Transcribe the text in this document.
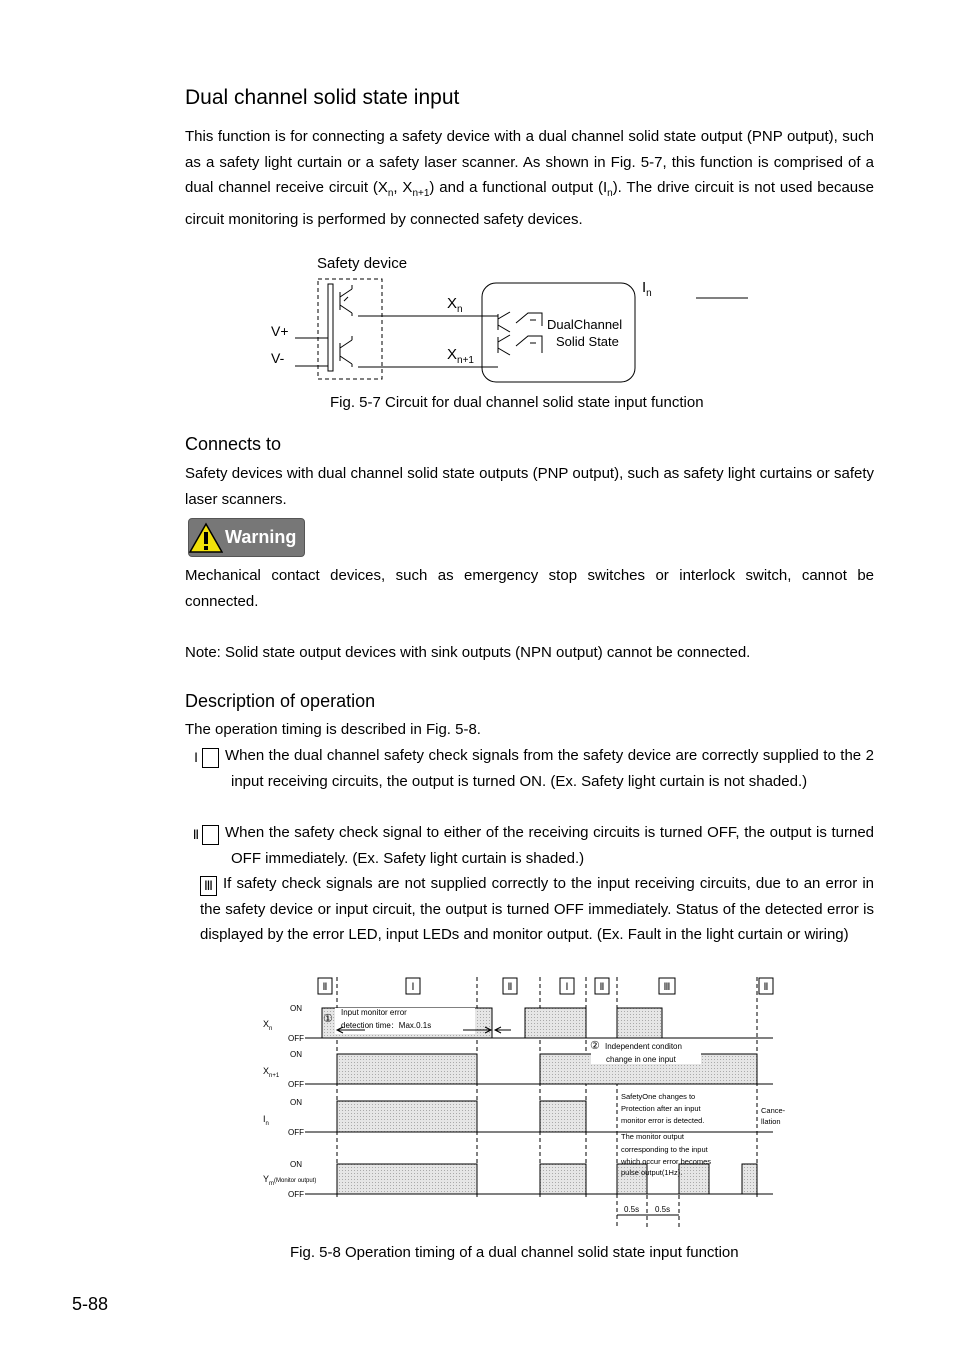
Dual channel solid state input

This function is for connecting a safety device with a dual channel solid state output (PNP output), such as a safety light curtain or a safety laser scanner. As shown in Fig. 5-7, this function is comprised of a dual channel receive circuit ($X_n$, $X_{n+1}$) and a functional output $(I_n)$. The drive circuit is not used because circuit monitoring is performed by connected safety devices.

Safety device
V+
V-
$X_n$
$X_{n+1}$
DualChannel
Solid State
$I_n$
Fig. 5-7 Circuit for dual channel solid state input function
Connects to

Safety devices with dual channel solid state outputs (PNP output), such as safety light curtains or safety laser scanners.

Warning

Mechanical contact devices, such as emergency stop switches or interlock switch, cannot be connected.

Note: Solid state output devices with sink outputs (NPN output) cannot be connected.

Description of operation

The operation timing is described in Fig. 5-8.

Ⅰ When the dual channel safety check signals from the safety device are correctly supplied to the 2 input receiving circuits, the output is turned ON. (Ex. Safety light curtain is not shaded.)

Ⅱ When the safety check signal to either of the receiving circuits is turned OFF, the output is turned OFF immediately. (Ex. Safety light curtain is shaded.)

Ⅲ If safety check signals are not supplied correctly to the input receiving circuits, due to an error in the safety device or input circuit, the output is turned OFF immediately. Status of the detected error is displayed by the error LED, input LEDs and monitor output. (Ex. Fault in the light curtain or wiring)

Ⅱ	Ⅰ	Ⅱ	Ⅰ	Ⅱ	Ⅲ	Ⅱ
ON
OFF
ON
OFF
ON
OFF
ON
OFF
$X_n$
$X_{n+1}$
$I_n$
$Y_m^{(Monitor output)}$
①
Input monitor error
detection time：Max.0.1s
② Independent conditon
change in one input
SafetyOne changes to
Protection after an input
monitor error is detected.
The monitor output
corresponding to the input
which occur error becomes
pulse output(1Hz).
Cance-
llation
0.5s 0.5s
Fig. 5-8 Operation timing of a dual channel solid state input function
5-88
